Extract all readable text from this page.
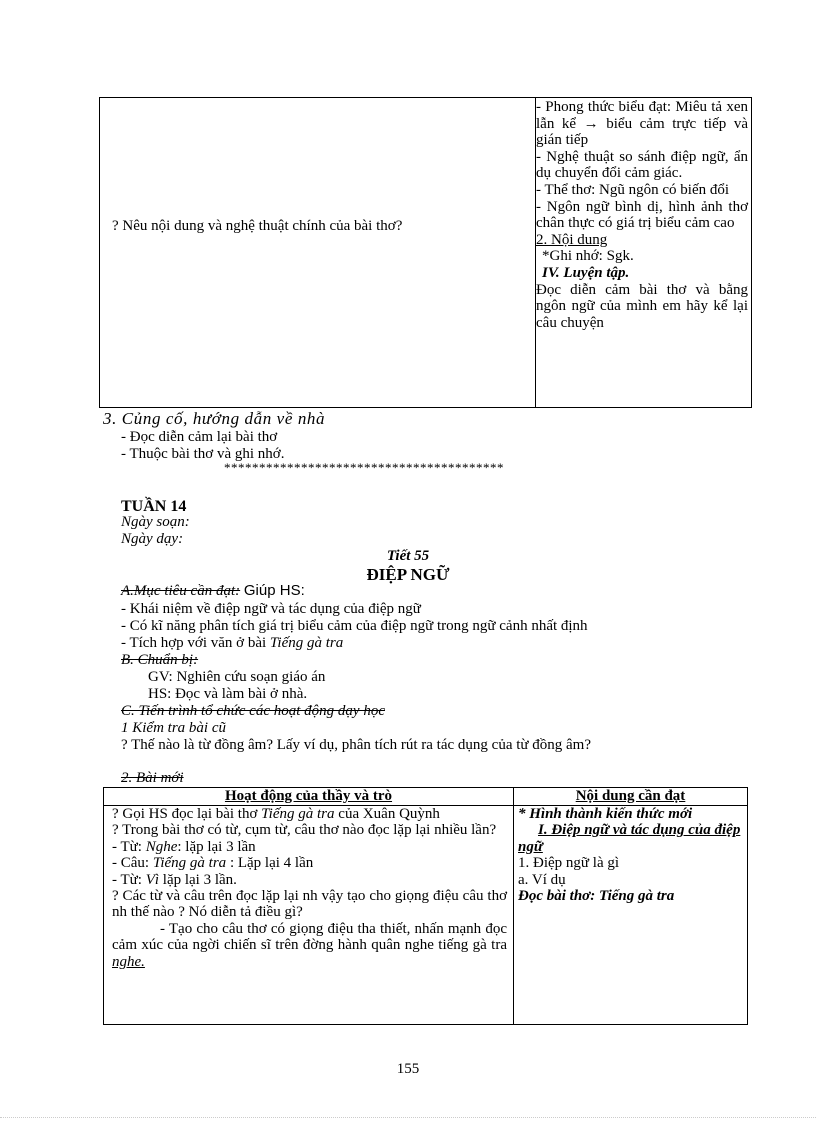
? Nêu nội dung và nghệ thuật chính của bài thơ?

- Phong thức biểu đạt: Miêu tả xen lẫn kể → biểu cảm trực tiếp và gián tiếp

- Nghệ thuật so sánh điệp ngữ, ẩn dụ chuyển đổi cảm giác.

- Thể thơ: Ngũ ngôn có biến đổi

- Ngôn ngữ bình dị, hình ảnh thơ chân thực có giá trị biểu cảm cao

2. Nội dung

*Ghi nhớ: Sgk.

IV. Luyện tập.

Đọc diễn cảm bài thơ và bằng ngôn ngữ của mình em hãy kể lại câu chuyện

3. Củng cố, hướng dẫn về nhà
- Đọc diễn cảm lại bài thơ
- Thuộc bài thơ và ghi nhớ.
****************************************
TUẦN 14
Ngày soạn:
Ngày dạy:
Tiết 55
ĐIỆP NGỮ
A.Mục tiêu cần đạt: Giúp HS:
- Khái niệm về điệp ngữ và tác dụng của điệp ngữ
- Có kĩ năng phân tích giá trị biểu cảm của điệp ngữ trong ngữ cảnh nhất định
- Tích hợp với văn ở bài Tiếng gà tra
B. Chuẩn bị:
GV: Nghiên cứu soạn giáo án
HS: Đọc và làm bài ở nhà.
C. Tiến trình tổ chức các hoạt động dạy học
1 Kiểm tra bài cũ
? Thế nào là từ đồng âm? Lấy ví dụ, phân tích rút ra tác dụng của từ đồng âm?
2. Bài mới
Hoạt động của thầy và trò	Nội dung cần đạt

? Gọi HS đọc lại bài thơ Tiếng gà tra của Xuân Quỳnh

? Trong bài thơ có từ, cụm từ, câu thơ nào đọc lặp lại nhiều lần?

- Từ: Nghe: lặp lại 3 lần

- Câu: Tiếng gà tra : Lặp lại 4 lần

- Từ: Vì lặp lại 3 lần.

? Các từ và câu trên đọc lặp lại nh vậy tạo cho giọng điệu câu thơ nh thế nào ? Nó diễn tả điều gì?

- Tạo cho câu thơ có giọng điệu tha thiết, nhấn mạnh đọc cảm xúc của ngời chiến sĩ trên đờng hành quân nghe tiếng gà tra nghe.

* Hình thành kiến thức mới

I. Điệp ngữ và tác dụng của điệp ngữ

1. Điệp ngữ là gì

a. Ví dụ

Đọc bài thơ: Tiếng gà tra

155
